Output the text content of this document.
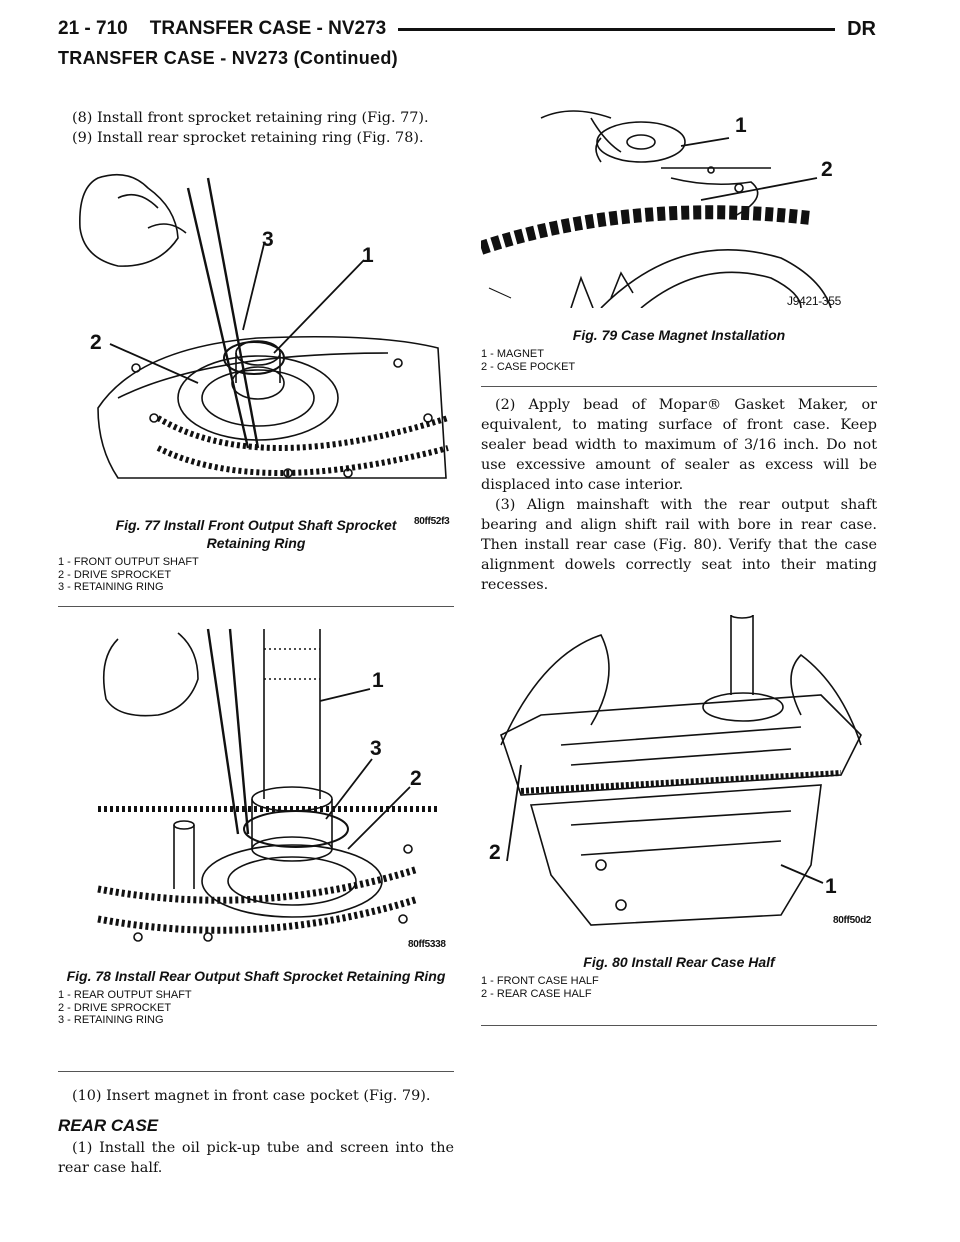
21 - 710 TRANSFER CASE - NV273	DR
TRANSFER CASE - NV273 (Continued)

(8) Install front sprocket retaining ring (Fig. 77).

(9) Install rear sprocket retaining ring (Fig. 78).

3
1
2
80ff52f3
Fig. 77 Install Front Output Shaft Sprocket Retaining Ring
1 - FRONT OUTPUT SHAFT
2 - DRIVE SPROCKET
3 - RETAINING RING
1
3
2
80ff5338
Fig. 78 Install Rear Output Shaft Sprocket Retaining Ring
1 - REAR OUTPUT SHAFT
2 - DRIVE SPROCKET
3 - RETAINING RING

(10) Insert magnet in front case pocket (Fig. 79).

REAR CASE

(1) Install the oil pick-up tube and screen into the rear case half.

1
2
J9421-355
Fig. 79 Case Magnet Installation
1 - MAGNET
2 - CASE POCKET

(2) Apply bead of Mopar® Gasket Maker, or equivalent, to mating surface of front case. Keep sealer bead width to maximum of 3/16 inch. Do not use excessive amount of sealer as excess will be displaced into case interior.

(3) Align mainshaft with the rear output shaft bearing and align shift rail with bore in rear case. Then install rear case (Fig. 80). Verify that the case alignment dowels correctly seat into their mating recesses.

2
1
80ff50d2
Fig. 80 Install Rear Case Half
1 - FRONT CASE HALF
2 - REAR CASE HALF
